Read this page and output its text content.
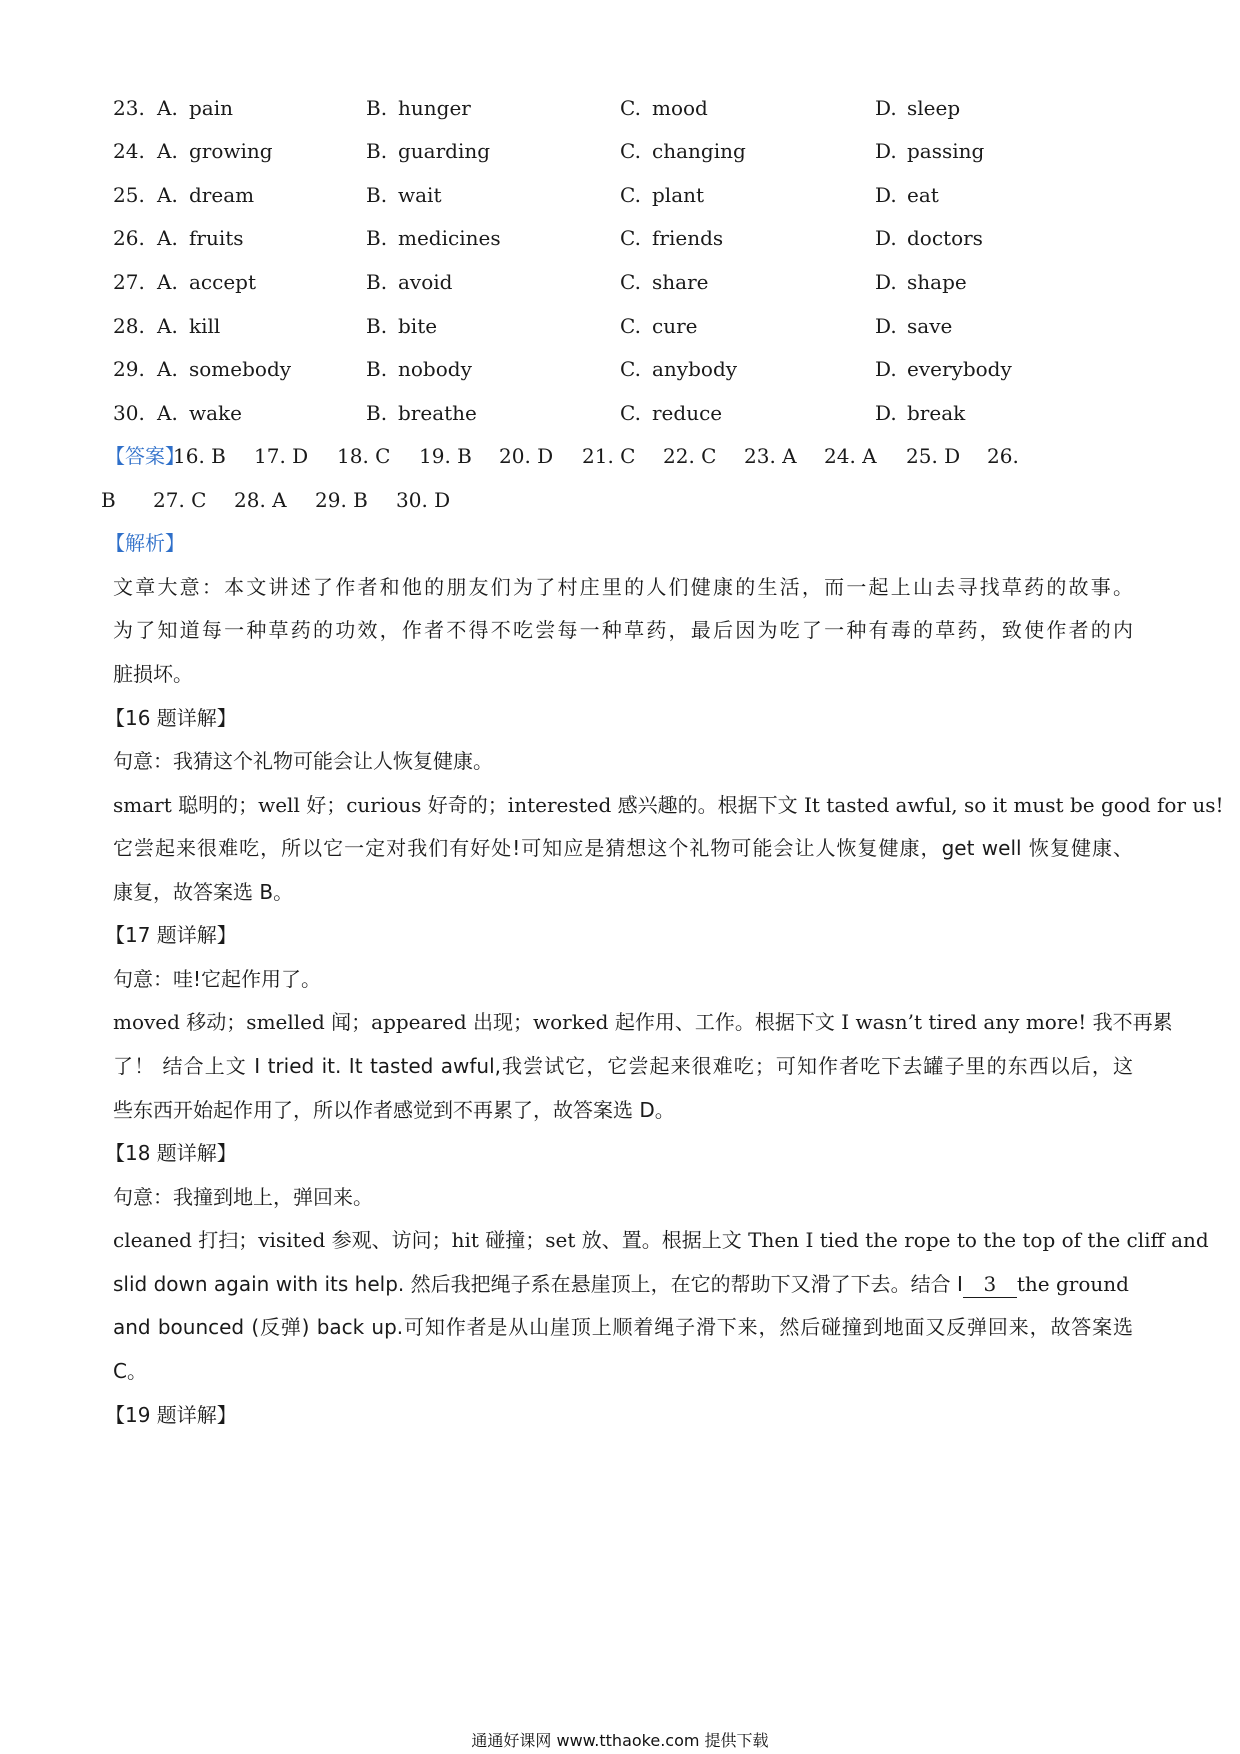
23. A. pain	B. hunger	C. mood	D. sleep
24. A. growing	B. guarding	C. changing	D. passing
25. A. dream	B. wait	C. plant	D. eat
26. A. fruits	B. medicines	C. friends	D. doctors
27. A. accept	B. avoid	C. share	D. shape
28. A. kill	B. bite	C. cure	D. save
29. A. somebody	B. nobody	C. anybody	D. everybody
30. A. wake	B. breathe	C. reduce	D. break
【答案】
16. B 17. D 18. C 19. B 20. D 21. C 22. C 23. A 24. A 25. D 26.
B 27. C 28. A 29. B 30. D
【解析】
文章大意：本文讲述了作者和他的朋友们为了村庄里的人们健康的生活，而一起上山去寻找草药的故事。
为了知道每一种草药的功效，作者不得不吃尝每一种草药，最后因为吃了一种有毒的草药，致使作者的内
脏损坏。
【16 题详解】
句意：我猜这个礼物可能会让人恢复健康。
smart 聪明的；well 好；curious 好奇的；interested 感兴趣的。根据下文 It tasted awful, so it must be good for us!
它尝起来很难吃，所以它一定对我们有好处!可知应是猜想这个礼物可能会让人恢复健康，get well 恢复健康、
康复，故答案选 B。
【17 题详解】
句意：哇!它起作用了。
moved 移动；smelled 闻；appeared 出现；worked 起作用、工作。根据下文 I wasn’t tired any more! 我不再累
了！ 结合上文 I tried it. It tasted awful,我尝试它，它尝起来很难吃；可知作者吃下去罐子里的东西以后，这
些东西开始起作用了，所以作者感觉到不再累了，故答案选 D。
【18 题详解】
句意：我撞到地上，弹回来。
cleaned 打扫；visited 参观、访问；hit 碰撞；set 放、置。根据上文 Then I tied the rope to the top of the cliff and
slid down again with its help. 然后我把绳子系在悬崖顶上，在它的帮助下又滑了下去。结合 I 3 the ground
and bounced (反弹) back up.可知作者是从山崖顶上顺着绳子滑下来，然后碰撞到地面又反弹回来，故答案选
C。
【19 题详解】
通通好课网 www.tthaoke.com 提供下载
